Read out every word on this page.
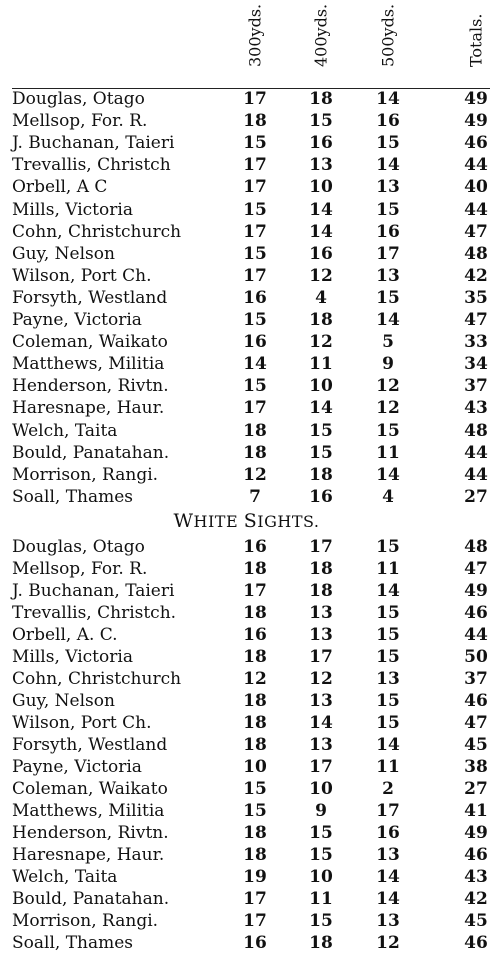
300yds.	400yds.	500yds.	Totals.
Douglas, Otago	17	18	14	49
Mellsop, For. R.	18	15	16	49
J. Buchanan, Taieri	15	16	15	46
Trevallis, Christch	17	13	14	44
Orbell, A C	17	10	13	40
Mills, Victoria	15	14	15	44
Cohn, Christchurch	17	14	16	47
Guy, Nelson	15	16	17	48
Wilson, Port Ch.	17	12	13	42
Forsyth, Westland	16	4	15	35
Payne, Victoria	15	18	14	47
Coleman, Waikato	16	12	5	33
Matthews, Militia	14	11	9	34
Henderson, Rivtn.	15	10	12	37
Haresnape, Haur.	17	14	12	43
Welch, Taita	18	15	15	48
Bould, Panatahan.	18	15	11	44
Morrison, Rangi.	12	18	14	44
Soall, Thames	7	16	4	27
WHITE SIGHTS.
Douglas, Otago	16	17	15	48
Mellsop, For. R.	18	18	11	47
J. Buchanan, Taieri	17	18	14	49
Trevallis, Christch.	18	13	15	46
Orbell, A. C.	16	13	15	44
Mills, Victoria	18	17	15	50
Cohn, Christchurch	12	12	13	37
Guy, Nelson	18	13	15	46
Wilson, Port Ch.	18	14	15	47
Forsyth, Westland	18	13	14	45
Payne, Victoria	10	17	11	38
Coleman, Waikato	15	10	2	27
Matthews, Militia	15	9	17	41
Henderson, Rivtn.	18	15	16	49
Haresnape, Haur.	18	15	13	46
Welch, Taita	19	10	14	43
Bould, Panatahan.	17	11	14	42
Morrison, Rangi.	17	15	13	45
Soall, Thames	16	18	12	46
